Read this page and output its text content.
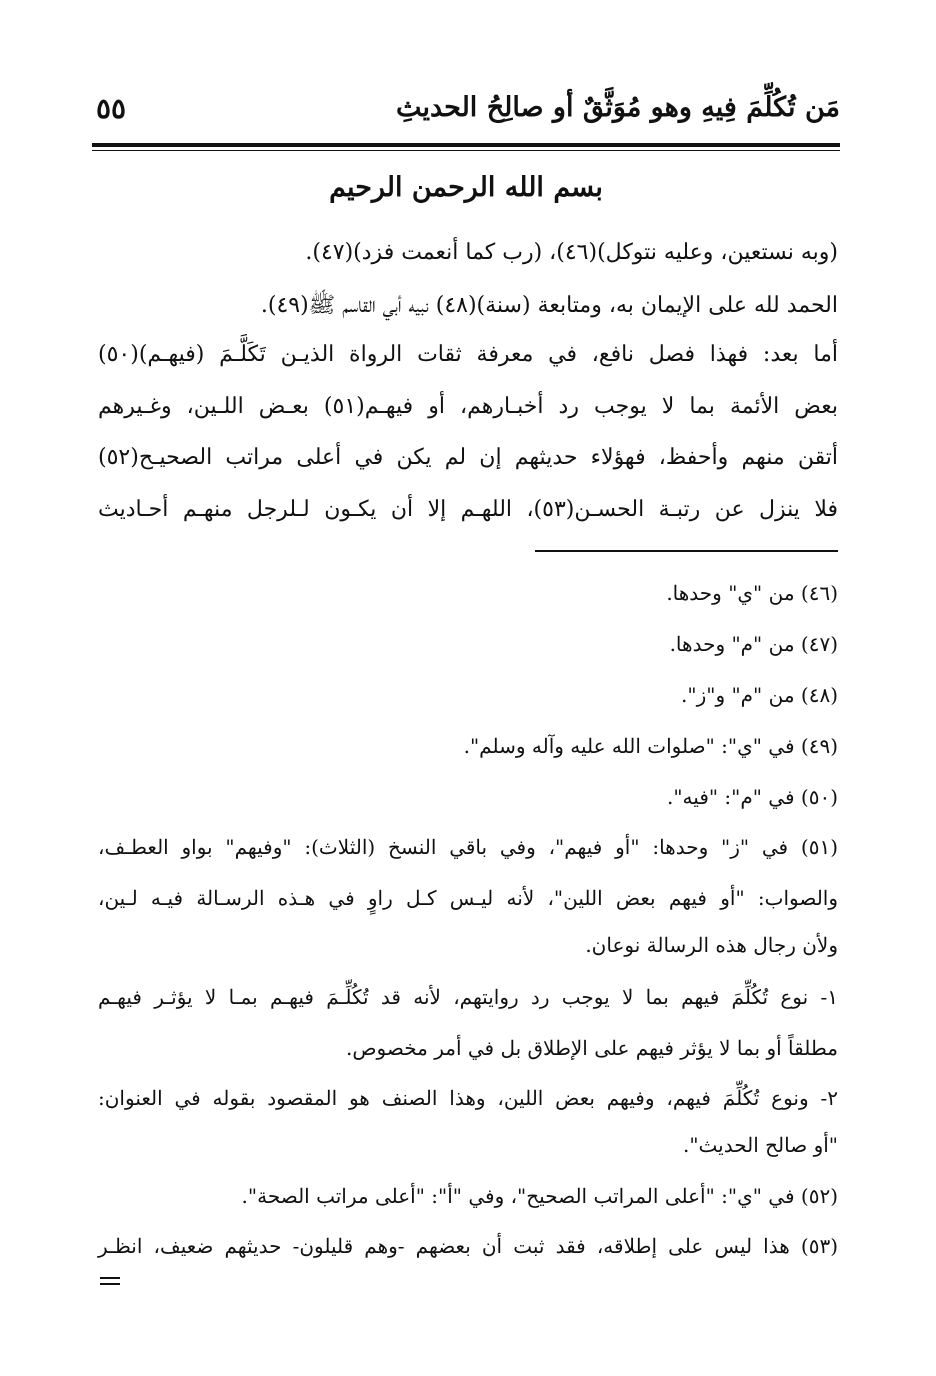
مَن تُكُلِّمَ فِيهِ وهو مُوَثَّقٌ أو صالِحُ الحديثِ
٥٥
بسم الله الرحمن الرحيم
(وبه نستعين، وعليه نتوكل)(٤٦)، (رب كما أنعمت فزد)(٤٧).
الحمد لله على الإيمان به، ومتابعة (سنة)(٤٨) نبيه أبي القاسم ﷺ(٤٩).
أما بعد: فهذا فصل نافع، في معرفة ثقات الرواة الذيـن تَكَلَّـمَ (فيهـم)(٥٠)
بعض الأئمة بما لا يوجب رد أخبـارهم، أو فيهـم(٥١) بعـض اللـين، وغـيرهم
أتقن منهم وأحفظ، فهؤلاء حديثهم إن لم يكن في أعلى مراتب الصحيـح(٥٢)
فلا ينزل عن رتبـة الحسـن(٥٣)، اللهـم إلا أن يكـون لـلرجل منهـم أحـاديث
(٤٦) من "ي" وحدها.
(٤٧) من "م" وحدها.
(٤٨) من "م" و"ز".
(٤٩) في "ي": "صلوات الله عليه وآله وسلم".
(٥٠) في "م": "فيه".
(٥١) في "ز" وحدها: "أو فيهم"، وفي باقي النسخ (الثلاث): "وفيهم" بواو العطـف،
والصواب: "أو فيهم بعض اللين"، لأنه ليـس كـل راوٍ في هـذه الرسـالة فيـه لـين،
ولأن رجال هذه الرسالة نوعان.
١- نوع تُكُلِّمَ فيهم بما لا يوجب رد روايتهم، لأنه قد تُكُلِّـمَ فيهـم بمـا لا يؤثـر فيهـم
مطلقاً أو بما لا يؤثر فيهم على الإطلاق بل في أمر مخصوص.
٢- ونوع تُكُلِّمَ فيهم، وفيهم بعض اللين، وهذا الصنف هو المقصود بقوله في العنوان:
"أو صالح الحديث".
(٥٢) في "ي": "أعلى المراتب الصحيح"، وفي "أ": "أعلى مراتب الصحة".
(٥٣) هذا ليس على إطلاقه، فقد ثبت أن بعضهم -وهم قليلون- حديثهم ضعيف، انظـر
